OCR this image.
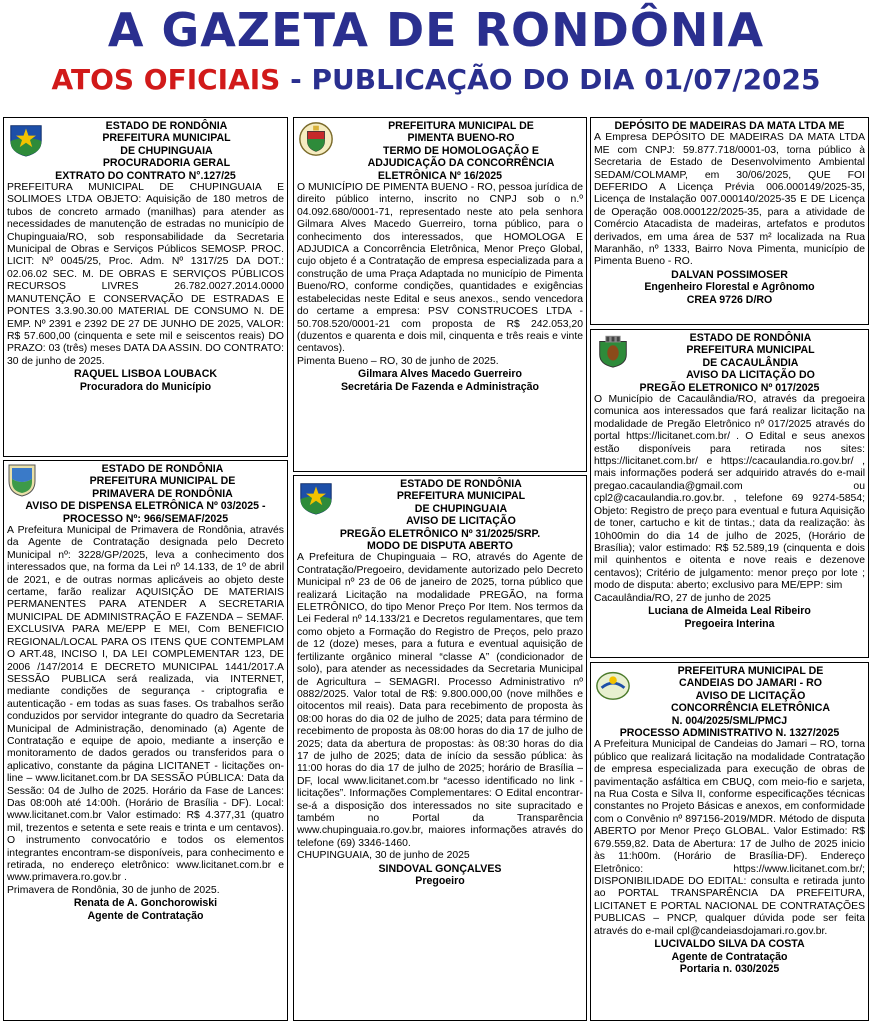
A GAZETA DE RONDÔNIA
ATOS OFICIAIS - PUBLICAÇÃO DO DIA 01/07/2025
ESTADO DE RONDÔNIA
PREFEITURA MUNICIPAL
DE CHUPINGUAIA
PROCURADORIA GERAL
EXTRATO DO CONTRATO N°.127/25
PREFEITURA MUNICIPAL DE CHUPINGUAIA E SOLIMOES LTDA OBJETO: Aquisição de 180 metros de tubos de concreto armado (manilhas) para atender as necessidades de manutenção de estradas no município de Chupinguaia/RO, sob responsabilidade da Secretaria Municipal de Obras e Serviços Públicos SEMOSP. PROC. LICIT: Nº 0045/25, Proc. Adm. Nº 1317/25 DA DOT.: 02.06.02 SEC. M. DE OBRAS E SERVIÇOS PÚBLICOS RECURSOS LIVRES 26.782.0027.2014.0000 MANUTENÇÃO E CONSERVAÇÃO DE ESTRADAS E PONTES 3.3.90.30.00 MATERIAL DE CONSUMO N. DE EMP. Nº 2391 e 2392 DE 27 DE JUNHO DE 2025, VALOR: R$ 57.600,00 (cinquenta e sete mil e seiscentos reais) DO PRAZO: 03 (três) meses DATA DA ASSIN. DO CONTRATO: 30 de junho de 2025.
RAQUEL LISBOA LOUBACK
Procuradora do Município
ESTADO DE RONDÔNIA
PREFEITURA MUNICIPAL DE
PRIMAVERA DE RONDÔNIA
AVISO DE DISPENSA ELETRÔNICA Nº 03/2025 -
PROCESSO Nº: 966/SEMAF/2025
A Prefeitura Municipal de Primavera de Rondônia, através da Agente de Contratação designada pelo Decreto Municipal nº: 3228/GP/2025, leva a conhecimento dos interessados que, na forma da Lei nº 14.133, de 1º de abril de 2021, e de outras normas aplicáveis ao objeto deste certame, farão realizar AQUISIÇÃO DE MATERIAIS PERMANENTES PARA ATENDER A SECRETARIA MUNICIPAL DE ADMINISTRAÇÃO E FAZENDA – SEMAF. EXCLUSIVA PARA ME/EPP E MEI, Com BENEFICIO REGIONAL/LOCAL PARA OS ITENS QUE CONTEMPLAM O ART.48, INCISO I, DA LEI COMPLEMENTAR 123, DE 2006 /147/2014 E DECRETO MUNICIPAL 1441/2017.A SESSÃO PUBLICA será realizada, via INTERNET, mediante condições de segurança - criptografia e autenticação - em todas as suas fases. Os trabalhos serão conduzidos por servidor integrante do quadro da Secretaria Municipal de Administração, denominado (a) Agente de Contratação e equipe de apoio, mediante a inserção e monitoramento de dados gerados ou transferidos para o aplicativo, constante da página LICITANET - licitações on-line – www.licitanet.com.br DA SESSÃO PÚBLICA: Data da Sessão: 04 de Julho de 2025. Horário da Fase de Lances: Das 08:00h até 14:00h. (Horário de Brasília - DF). Local: www.licitanet.com.br Valor estimado: R$ 4.377,31 (quatro mil, trezentos e setenta e sete reais e trinta e um centavos). O instrumento convocatório e todos os elementos integrantes encontram-se disponíveis, para conhecimento e retirada, no endereço eletrônico: www.licitanet.com.br e www.primavera.ro.gov.br .
Primavera de Rondônia, 30 de junho de 2025.
Renata de A. Gonchorowiski
Agente de Contratação
PREFEITURA MUNICIPAL DE
PIMENTA BUENO-RO
TERMO DE HOMOLOGAÇÃO E
ADJUDICAÇÃO DA CONCORRÊNCIA
ELETRÔNICA Nº 16/2025
O MUNICÍPIO DE PIMENTA BUENO - RO, pessoa jurídica de direito público interno, inscrito no CNPJ sob o n.º 04.092.680/0001-71, representado neste ato pela senhora Gilmara Alves Macedo Guerreiro, torna público, para o conhecimento dos interessados, que HOMOLOGA E ADJUDICA a Concorrência Eletrônica, Menor Preço Global, cujo objeto é a Contratação de empresa especializada para a construção de uma Praça Adaptada no município de Pimenta Bueno/RO, conforme condições, quantidades e exigências estabelecidas neste Edital e seus anexos., sendo vencedora do certame a empresa: PSV CONSTRUCOES LTDA - 50.708.520/0001-21 com proposta de R$ 242.053,20 (duzentos e quarenta e dois mil, cinquenta e três reais e vinte centavos).
Pimenta Bueno – RO, 30 de junho de 2025.
Gilmara Alves Macedo Guerreiro
Secretária De Fazenda e Administração
ESTADO DE RONDÔNIA
PREFEITURA MUNICIPAL
DE CHUPINGUAIA
AVISO DE LICITAÇÃO
PREGÃO ELETRÔNICO Nº 31/2025/SRP.
MODO DE DISPUTA ABERTO
A Prefeitura de Chupinguaia – RO, através do Agente de Contratação/Pregoeiro, devidamente autorizado pelo Decreto Municipal nº 23 de 06 de janeiro de 2025, torna público que realizará Licitação na modalidade PREGÃO, na forma ELETRÔNICO, do tipo Menor Preço Por Item. Nos termos da Lei Federal nº 14.133/21 e Decretos regulamentares, que tem como objeto a Formação do Registro de Preços, pelo prazo de 12 (doze) meses, para a futura e eventual aquisição de fertilizante orgânico mineral “classe A” (condicionador de solo), para atender as necessidades da Secretaria Municipal de Agricultura – SEMAGRI. Processo Administrativo nº 0882/2025. Valor total de R$: 9.800.000,00 (nove milhões e oitocentos mil reais). Data para recebimento de proposta às 08:00 horas do dia 02 de julho de 2025; data para término de recebimento de proposta às 08:00 horas do dia 17 de julho de 2025; data da abertura de propostas: às 08:30 horas do dia 17 de julho de 2025; data de início da sessão pública: às 11:00 horas do dia 17 de julho de 2025; horário de Brasília – DF, local www.licitanet.com.br “acesso identificado no link - licitações”. Informações Complementares: O Edital encontrar-se-á a disposição dos interessados no site supracitado e também no Portal da Transparência www.chupinguaia.ro.gov.br, maiores informações através do telefone (69) 3346-1460.
CHUPINGUAIA, 30 de junho de 2025
SINDOVAL GONÇALVES
Pregoeiro
DEPÓSITO DE MADEIRAS DA MATA LTDA ME
A Empresa DEPÓSITO DE MADEIRAS DA MATA LTDA ME com CNPJ: 59.877.718/0001-03, torna público à Secretaria de Estado de Desenvolvimento Ambiental SEDAM/COLMAMP, em 30/06/2025, QUE FOI DEFERIDO A Licença Prévia 006.000149/2025-35, Licença de Instalação 007.000140/2025-35 E DE Licença de Operação 008.000122/2025-35, para a atividade de Comércio Atacadista de madeiras, artefatos e produtos derivados, em uma área de 537 m² localizada na Rua Maranhão, nº 1333, Bairro Nova Pimenta, município de Pimenta Bueno - RO.
DALVAN POSSIMOSER
Engenheiro Florestal e Agrônomo
CREA 9726 D/RO
ESTADO DE RONDÔNIA
PREFEITURA MUNICIPAL
DE CACAULÂNDIA
AVISO DA LICITAÇÃO DO
PREGÃO ELETRONICO Nº 017/2025
O Município de Cacaulândia/RO, através da pregoeira comunica aos interessados que fará realizar licitação na modalidade de Pregão Eletrônico nº 017/2025 através do portal https://licitanet.com.br/ . O Edital e seus anexos estão disponíveis para retirada nos sites: https://licitanet.com.br/ e https://cacaulandia.ro.gov.br/ , mais informações poderá ser adquirido através do e-mail pregao.cacaulandia@gmail.com ou cpl2@cacaulandia.ro.gov.br. , telefone 69 9274-5854; Objeto: Registro de preço para eventual e futura Aquisição de toner, cartucho e kit de tintas.; data da realização: às 10h00min do dia 14 de julho de 2025, (Horário de Brasília); valor estimado: R$ 52.589,19 (cinquenta e dois mil quinhentos e oitenta e nove reais e dezenove centavos); Critério de julgamento: menor preço por lote ; modo de disputa: aberto; exclusivo para ME/EPP: sim
Cacaulândia/RO, 27 de junho de 2025
Luciana de Almeida Leal Ribeiro
Pregoeira Interina
PREFEITURA MUNICIPAL DE
CANDEIAS DO JAMARI - RO
AVISO DE LICITAÇÃO
CONCORRÊNCIA ELETRÔNICA
N. 004/2025/SML/PMCJ
PROCESSO ADMINISTRATIVO N. 1327/2025
A Prefeitura Municipal de Candeias do Jamari – RO, torna público que realizará licitação na modalidade Contratação de empresa especializada para execução de obras de pavimentação asfáltica em CBUQ, com meio-fio e sarjeta, na Rua Costa e Silva II, conforme especificações técnicas constantes no Projeto Básicas e anexos, em conformidade com o Convênio nº 897156-2019/MDR. Método de disputa ABERTO por Menor Preço GLOBAL. Valor Estimado: R$ 679.559,82. Data de Abertura: 17 de Julho de 2025 inicio às 11:h00m. (Horário de Brasília-DF). Endereço Eletrônico: https://www.licitanet.com.br/; DISPONIBILIDADE DO EDITAL: consulta e retirada junto ao PORTAL TRANSPARÊNCIA DA PREFEITURA, LICITANET E PORTAL NACIONAL DE CONTRATAÇÕES PUBLICAS – PNCP, qualquer dúvida pode ser feita através do e-mail cpl@candeiasdojamari.ro.gov.br.
LUCIVALDO SILVA DA COSTA
Agente de Contratação
Portaria n. 030/2025
